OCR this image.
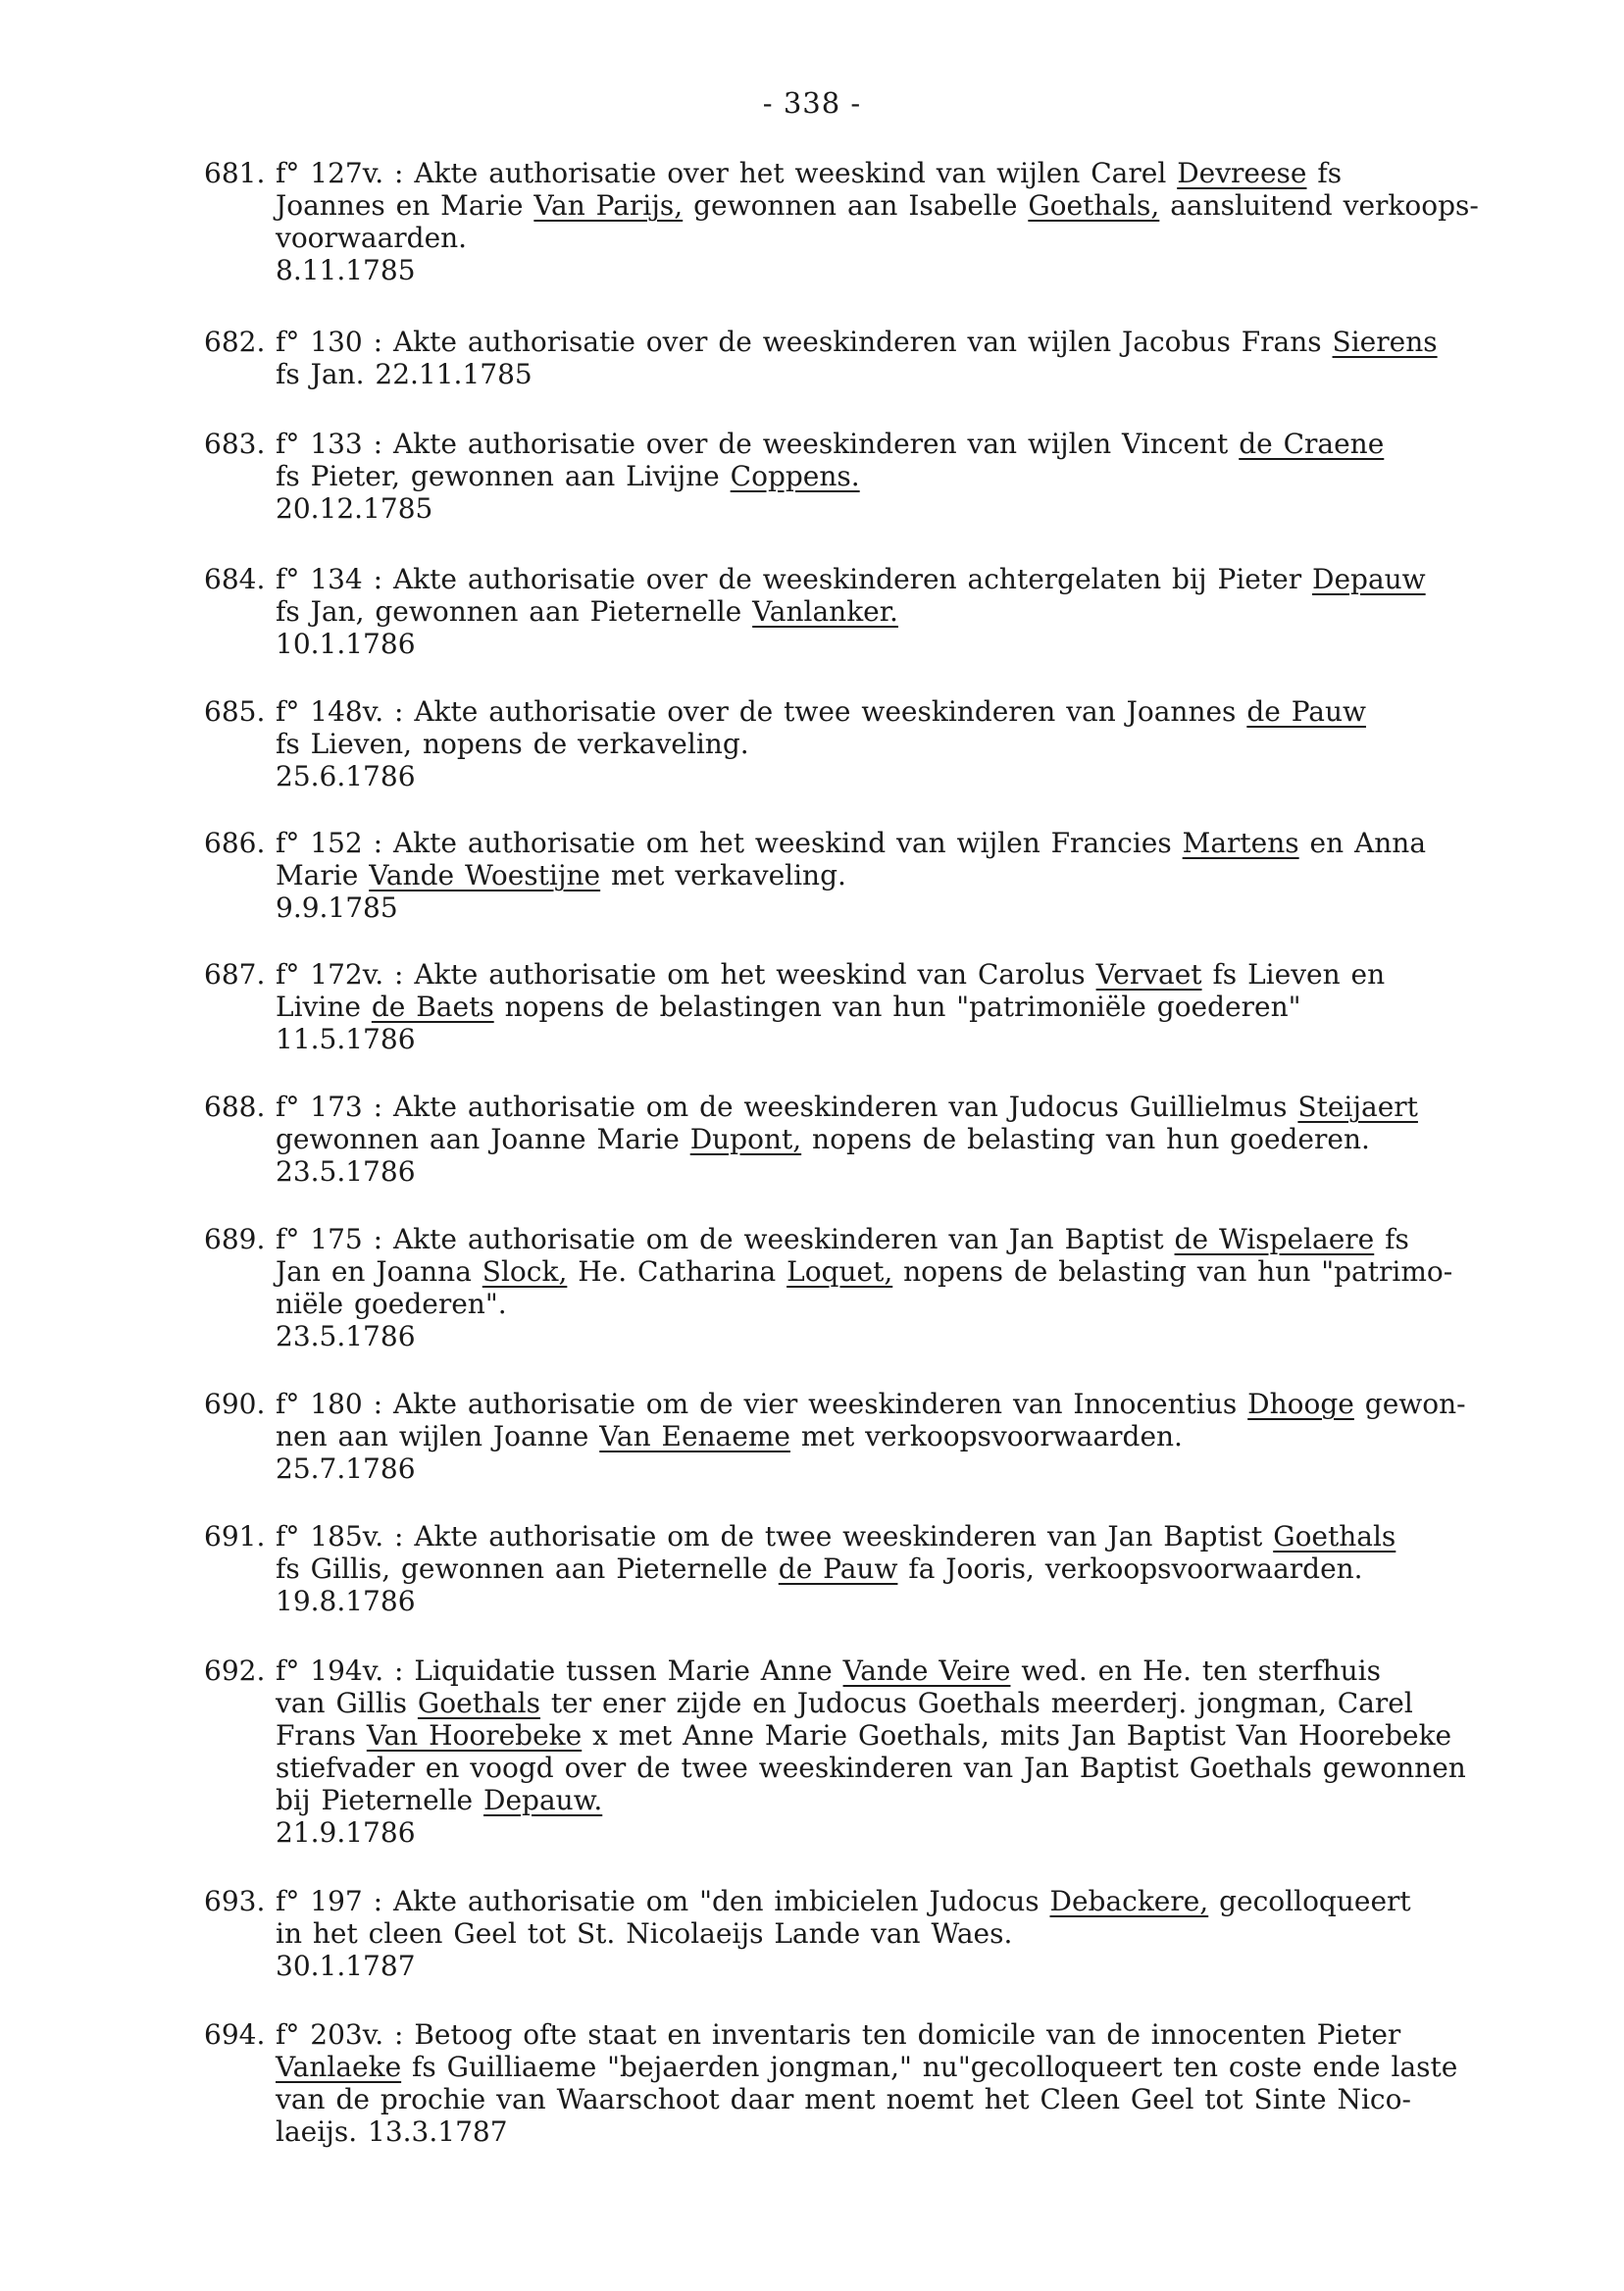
- 338 -
681. f° 127v. : Akte authorisatie over het weeskind van wijlen Carel Devreese fs

Joannes en Marie Van Parijs, gewonnen aan Isabelle Goethals, aansluitend verkoops-

voorwaarden.

8.11.1785

682. f° 130 : Akte authorisatie over de weeskinderen van wijlen Jacobus Frans Sierens

fs Jan. 22.11.1785

683. f° 133 : Akte authorisatie over de weeskinderen van wijlen Vincent de Craene

fs Pieter, gewonnen aan Livijne Coppens.

20.12.1785

684. f° 134 : Akte authorisatie over de weeskinderen achtergelaten bij Pieter Depauw

fs Jan, gewonnen aan Pieternelle Vanlanker.

10.1.1786

685. f° 148v. : Akte authorisatie over de twee weeskinderen van Joannes de Pauw

fs Lieven, nopens de verkaveling.

25.6.1786

686. f° 152 : Akte authorisatie om het weeskind van wijlen Francies Martens en Anna

Marie Vande Woestijne met verkaveling.

9.9.1785

687. f° 172v. : Akte authorisatie om het weeskind van Carolus Vervaet fs Lieven en

Livine de Baets nopens de belastingen van hun "patrimoniële goederen"

11.5.1786

688. f° 173 : Akte authorisatie om de weeskinderen van Judocus Guillielmus Steijaert

gewonnen aan Joanne Marie Dupont, nopens de belasting van hun goederen.

23.5.1786

689. f° 175 : Akte authorisatie om de weeskinderen van Jan Baptist de Wispelaere fs

Jan en Joanna Slock, He. Catharina Loquet, nopens de belasting van hun "patrimo-

niële goederen".

23.5.1786

690. f° 180 : Akte authorisatie om de vier weeskinderen van Innocentius Dhooge gewon-

nen aan wijlen Joanne Van Eenaeme met verkoopsvoorwaarden.

25.7.1786

691. f° 185v. : Akte authorisatie om de twee weeskinderen van Jan Baptist Goethals

fs Gillis, gewonnen aan Pieternelle de Pauw fa Jooris, verkoopsvoorwaarden.

19.8.1786

692. f° 194v. : Liquidatie tussen Marie Anne Vande Veire wed. en He. ten sterfhuis

van Gillis Goethals ter ener zijde en Judocus Goethals meerderj. jongman, Carel

Frans Van Hoorebeke x met Anne Marie Goethals, mits Jan Baptist Van Hoorebeke

stiefvader en voogd over de twee weeskinderen van Jan Baptist Goethals gewonnen

bij Pieternelle Depauw.

21.9.1786

693. f° 197 : Akte authorisatie om "den imbicielen Judocus Debackere, gecolloqueert

in het cleen Geel tot St. Nicolaeijs Lande van Waes.

30.1.1787

694. f° 203v. : Betoog ofte staat en inventaris ten domicile van de innocenten Pieter

Vanlaeke fs Guilliaeme "bejaerden jongman," nu"gecolloqueert ten coste ende laste

van de prochie van Waarschoot daar ment noemt het Cleen Geel tot Sinte Nico-

laeijs. 13.3.1787
